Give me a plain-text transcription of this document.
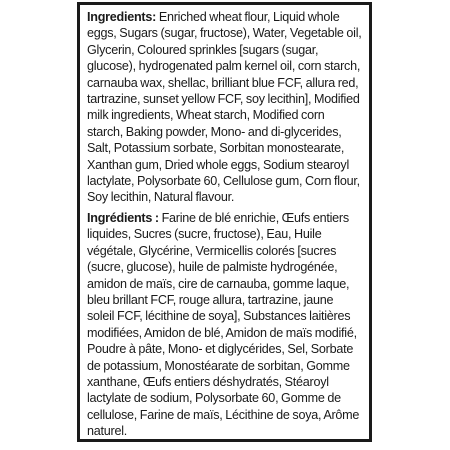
Ingredients: Enriched wheat flour, Liquid whole eggs, Sugars (sugar, fructose), Water, Vegetable oil, Glycerin, Coloured sprinkles [sugars (sugar, glucose), hydrogenated palm kernel oil, corn starch, carnauba wax, shellac, brilliant blue FCF, allura red, tartrazine, sunset yellow FCF, soy lecithin], Modified milk ingredients, Wheat starch, Modified corn starch, Baking powder, Mono- and di-glycerides, Salt, Potassium sorbate, Sorbitan monostearate, Xanthan gum, Dried whole eggs, Sodium stearoyl lactylate, Polysorbate 60, Cellulose gum, Corn flour, Soy lecithin, Natural flavour.

Ingrédients : Farine de blé enrichie, Œufs entiers liquides, Sucres (sucre, fructose), Eau, Huile végétale, Glycérine, Vermicellis colorés [sucres (sucre, glucose), huile de palmiste hydrogénée, amidon de maïs, cire de carnauba, gomme laque, bleu brillant FCF, rouge allura, tartrazine, jaune soleil FCF, lécithine de soya], Substances laitières modifiées, Amidon de blé, Amidon de maïs modifié, Poudre à pâte, Mono- et diglycérides, Sel, Sorbate de potassium, Monostéarate de sorbitan, Gomme xanthane, Œufs entiers déshydratés, Stéaroyl lactylate de sodium, Polysorbate 60, Gomme de cellulose, Farine de maïs, Lécithine de soya, Arôme naturel.
